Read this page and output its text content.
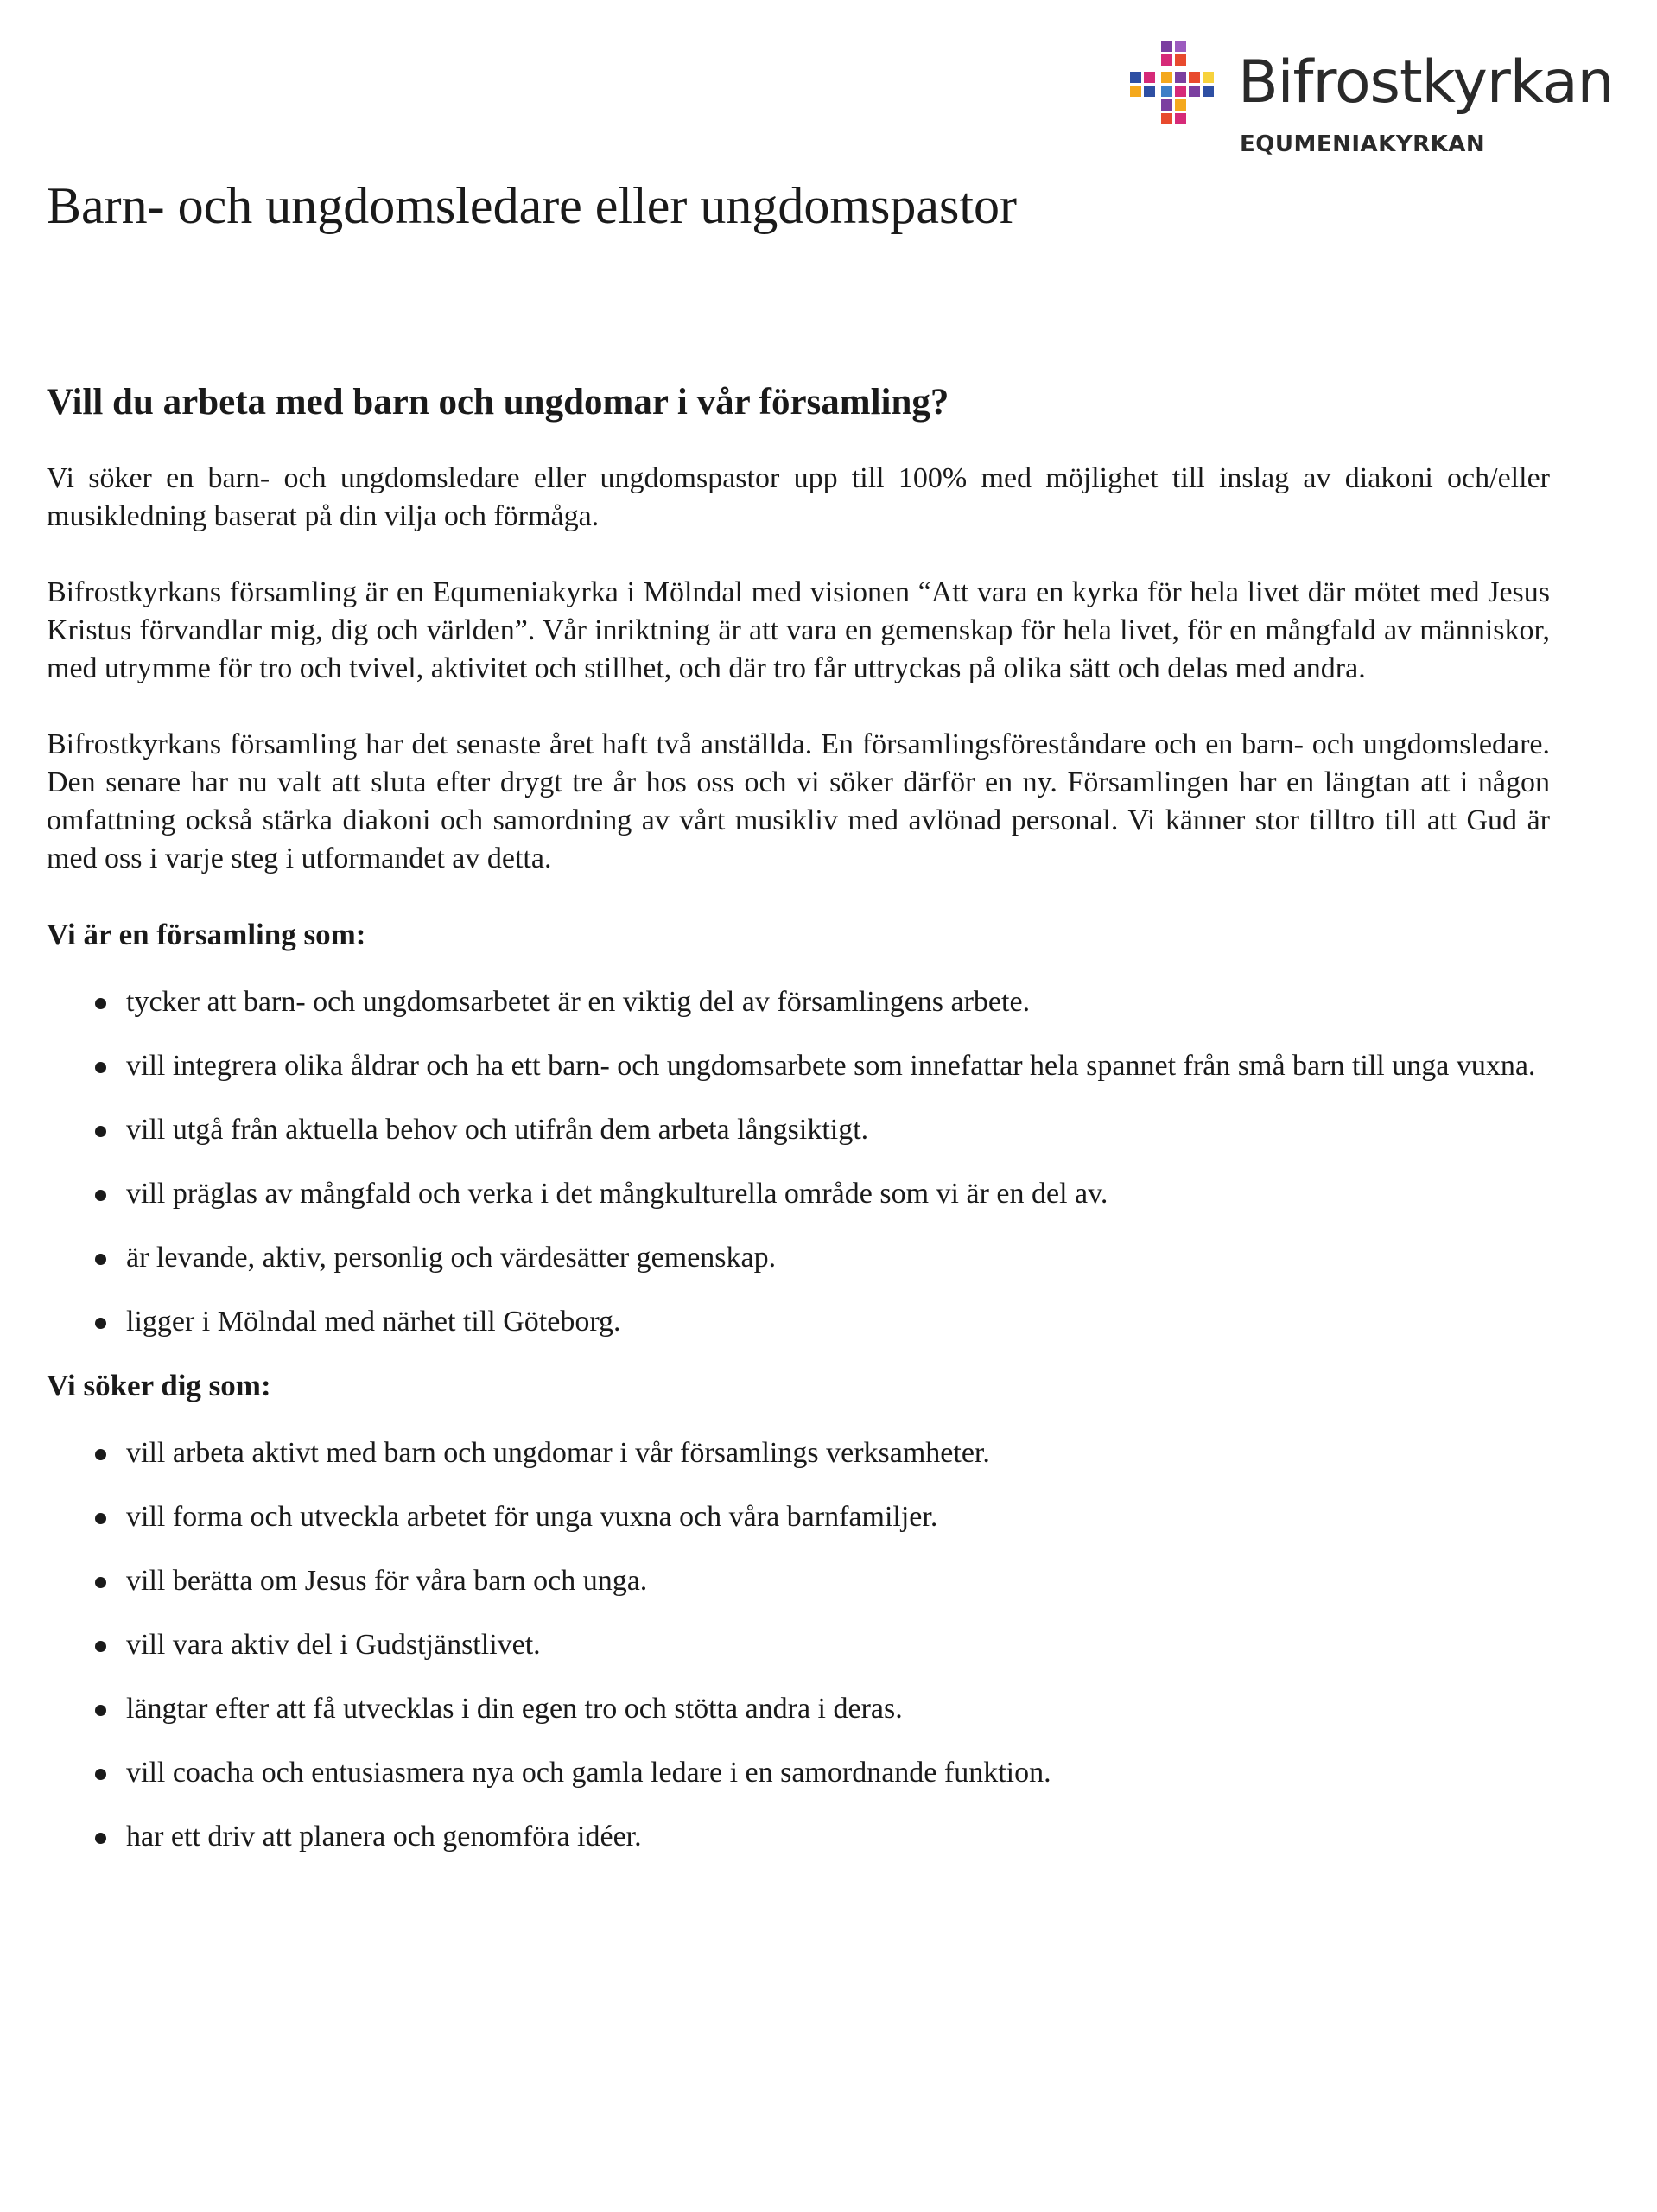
Bifrostkyrkan
EQUMENIAKYRKAN
Barn- och ungdomsledare eller ungdomspastor
Vill du arbeta med barn och ungdomar i vår församling?

Vi söker en barn- och ungdomsledare eller ungdomspastor upp till 100% med möjlighet till inslag av diakoni och/eller musikledning baserat på din vilja och förmåga.

Bifrostkyrkans församling är en Equmeniakyrka i Mölndal med visionen “Att vara en kyrka för hela livet där mötet med Jesus Kristus förvandlar mig, dig och världen”. Vår inriktning är att vara en gemenskap för hela livet, för en mångfald av människor, med utrymme för tro och tvivel, aktivitet och stillhet, och där tro får uttryckas på olika sätt och delas med andra.

Bifrostkyrkans församling har det senaste året haft två anställda. En församlingsföreståndare och en barn- och ungdomsledare. Den senare har nu valt att sluta efter drygt tre år hos oss och vi söker därför en ny. Församlingen har en längtan att i någon omfattning också stärka diakoni och samordning av vårt musikliv med avlönad personal. Vi känner stor tilltro till att Gud är med oss i varje steg i utformandet av detta.

Vi är en församling som:
tycker att barn- och ungdomsarbetet är en viktig del av församlingens arbete.
vill integrera olika åldrar och ha ett barn- och ungdomsarbete som innefattar hela spannet från små barn till unga vuxna.
vill utgå från aktuella behov och utifrån dem arbeta långsiktigt.
vill präglas av mångfald och verka i det mångkulturella område som vi är en del av.
är levande, aktiv, personlig och värdesätter gemenskap.
ligger i Mölndal med närhet till Göteborg.
Vi söker dig som:
vill arbeta aktivt med barn och ungdomar i vår församlings verksamheter.
vill forma och utveckla arbetet för unga vuxna och våra barnfamiljer.
vill berätta om Jesus för våra barn och unga.
vill vara aktiv del i Gudstjänstlivet.
längtar efter att få utvecklas i din egen tro och stötta andra i deras.
vill coacha och entusiasmera nya och gamla ledare i en samordnande funktion.
har ett driv att planera och genomföra idéer.
